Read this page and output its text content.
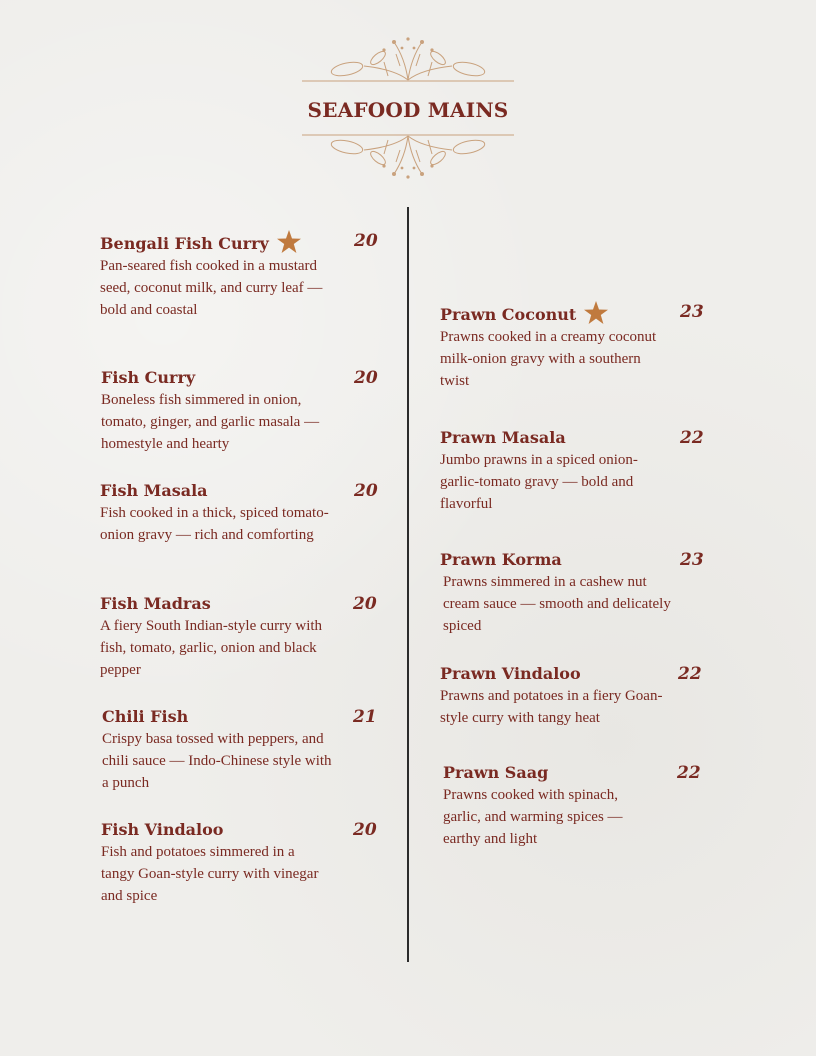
SEAFOOD MAINS
Bengali Fish Curry	20
Pan-seared fish cooked in a mustard seed, coconut milk, and curry leaf — bold and coastal
Fish Curry	20
Boneless fish simmered in onion, tomato, ginger, and garlic masala — homestyle and hearty
Fish Masala	20
Fish cooked in a thick, spiced tomato-onion gravy — rich and comforting
Fish Madras	20
A fiery South Indian-style curry with fish, tomato, garlic, onion and black pepper
Chili Fish	21
Crispy basa tossed with peppers, and chili sauce — Indo-Chinese style with a punch
Fish Vindaloo	20
Fish and potatoes simmered in a tangy Goan-style curry with vinegar and spice
Prawn Coconut	23
Prawns cooked in a creamy coconut milk-onion gravy with a southern twist
Prawn Masala	22
Jumbo prawns in a spiced onion-garlic-tomato gravy — bold and flavorful
Prawn Korma	23
Prawns simmered in a cashew nut cream sauce — smooth and delicately spiced
Prawn Vindaloo	22
Prawns and potatoes in a fiery Goan-style curry with tangy heat
Prawn Saag	22
Prawns cooked with spinach, garlic, and warming spices — earthy and light
